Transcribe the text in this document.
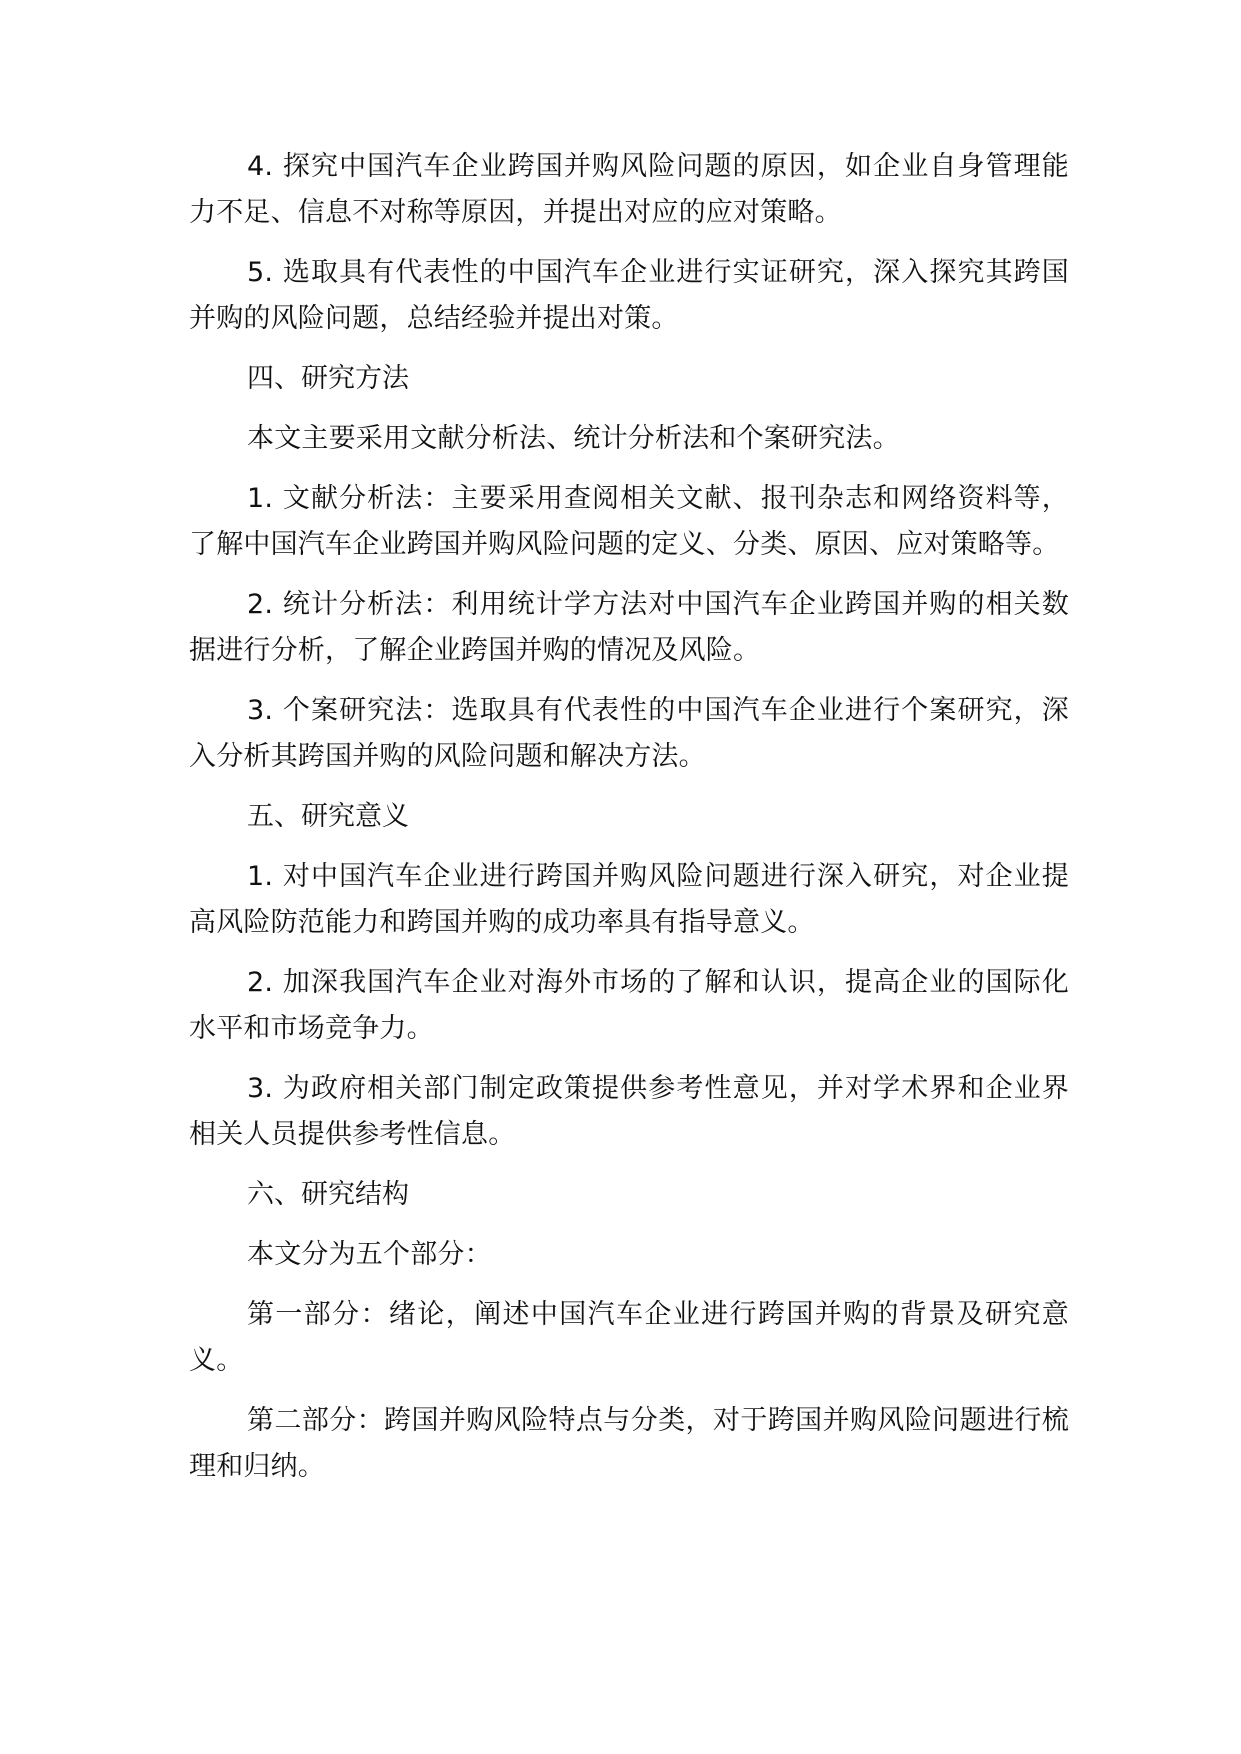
4. 探究中国汽车企业跨国并购风险问题的原因，如企业自身管理能力不足、信息不对称等原因，并提出对应的应对策略。

5. 选取具有代表性的中国汽车企业进行实证研究，深入探究其跨国并购的风险问题，总结经验并提出对策。

四、研究方法

本文主要采用文献分析法、统计分析法和个案研究法。

1. 文献分析法：主要采用查阅相关文献、报刊杂志和网络资料等，了解中国汽车企业跨国并购风险问题的定义、分类、原因、应对策略等。

2. 统计分析法：利用统计学方法对中国汽车企业跨国并购的相关数据进行分析，了解企业跨国并购的情况及风险。

3. 个案研究法：选取具有代表性的中国汽车企业进行个案研究，深入分析其跨国并购的风险问题和解决方法。

五、研究意义

1. 对中国汽车企业进行跨国并购风险问题进行深入研究，对企业提高风险防范能力和跨国并购的成功率具有指导意义。

2. 加深我国汽车企业对海外市场的了解和认识，提高企业的国际化水平和市场竞争力。

3. 为政府相关部门制定政策提供参考性意见，并对学术界和企业界相关人员提供参考性信息。

六、研究结构

本文分为五个部分：

第一部分：绪论，阐述中国汽车企业进行跨国并购的背景及研究意义。

第二部分：跨国并购风险特点与分类，对于跨国并购风险问题进行梳理和归纳。
